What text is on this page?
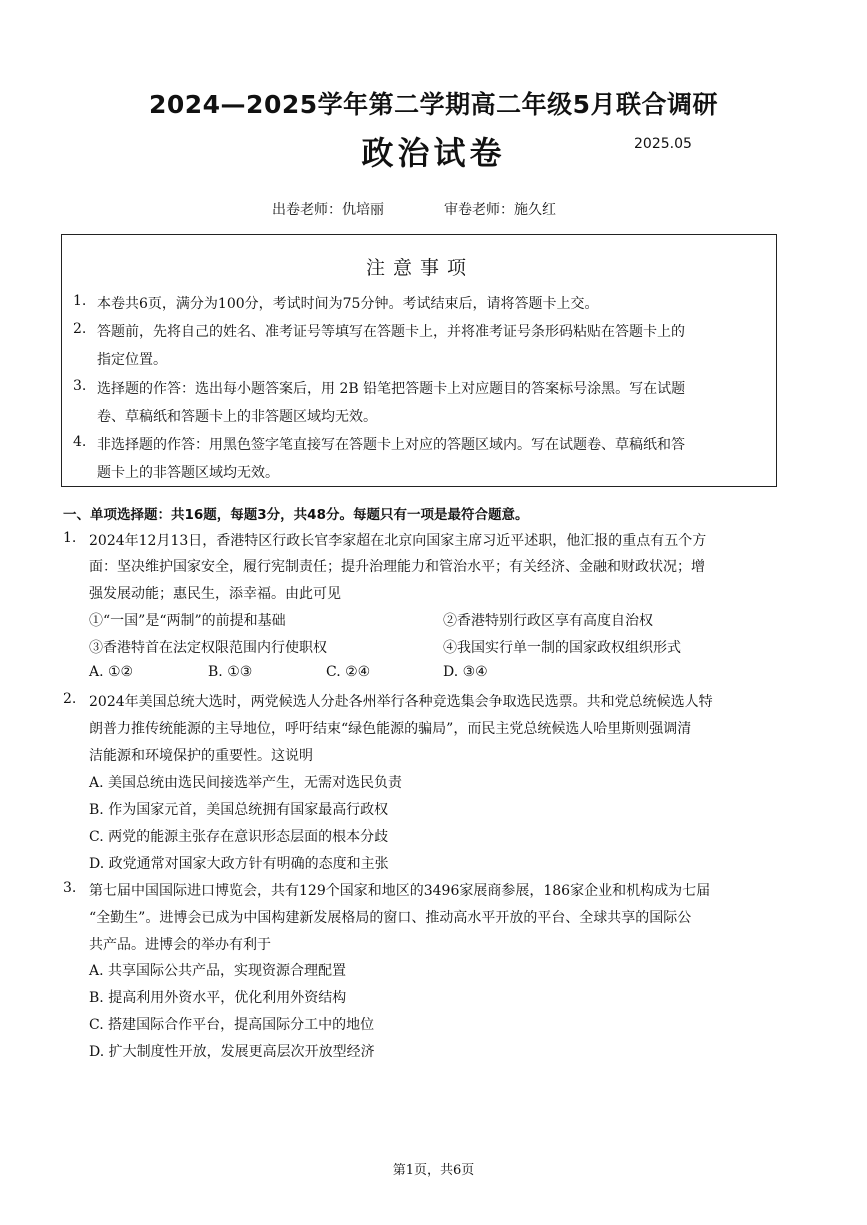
2024—2025学年第二学期高二年级5月联合调研
政治试卷	2025.05
出卷老师：仇培丽	审卷老师：施久红
注意事项
1. 本卷共6页，满分为100分，考试时间为75分钟。考试结束后，请将答题卡上交。
2. 答题前，先将自己的姓名、准考证号等填写在答题卡上，并将准考证号条形码粘贴在答题卡上的
指定位置。
3. 选择题的作答：选出每小题答案后，用 2B 铅笔把答题卡上对应题目的答案标号涂黑。写在试题
卷、草稿纸和答题卡上的非答题区域均无效。
4. 非选择题的作答：用黑色签字笔直接写在答题卡上对应的答题区域内。写在试题卷、草稿纸和答
题卡上的非答题区域均无效。
一、单项选择题：共16题，每题3分，共48分。每题只有一项是最符合题意。
1. 2024年12月13日，香港特区行政长官李家超在北京向国家主席习近平述职，他汇报的重点有五个方
面：坚决维护国家安全，履行宪制责任；提升治理能力和管治水平；有关经济、金融和财政状况；增
强发展动能；惠民生，添幸福。由此可见
①“一国”是“两制”的前提和基础	②香港特别行政区享有高度自治权
③香港特首在法定权限范围内行使职权	④我国实行单一制的国家政权组织形式
A. ①②	B. ①③	C. ②④	D. ③④
2. 2024年美国总统大选时，两党候选人分赴各州举行各种竞选集会争取选民选票。共和党总统候选人特
朗普力推传统能源的主导地位，呼吁结束“绿色能源的骗局”，而民主党总统候选人哈里斯则强调清
洁能源和环境保护的重要性。这说明
A. 美国总统由选民间接选举产生，无需对选民负责
B. 作为国家元首，美国总统拥有国家最高行政权
C. 两党的能源主张存在意识形态层面的根本分歧
D. 政党通常对国家大政方针有明确的态度和主张
3. 第七届中国国际进口博览会，共有129个国家和地区的3496家展商参展，186家企业和机构成为七届
“全勤生”。进博会已成为中国构建新发展格局的窗口、推动高水平开放的平台、全球共享的国际公
共产品。进博会的举办有利于
A. 共享国际公共产品，实现资源合理配置
B. 提高利用外资水平，优化利用外资结构
C. 搭建国际合作平台，提高国际分工中的地位
D. 扩大制度性开放，发展更高层次开放型经济
第1页，共6页
